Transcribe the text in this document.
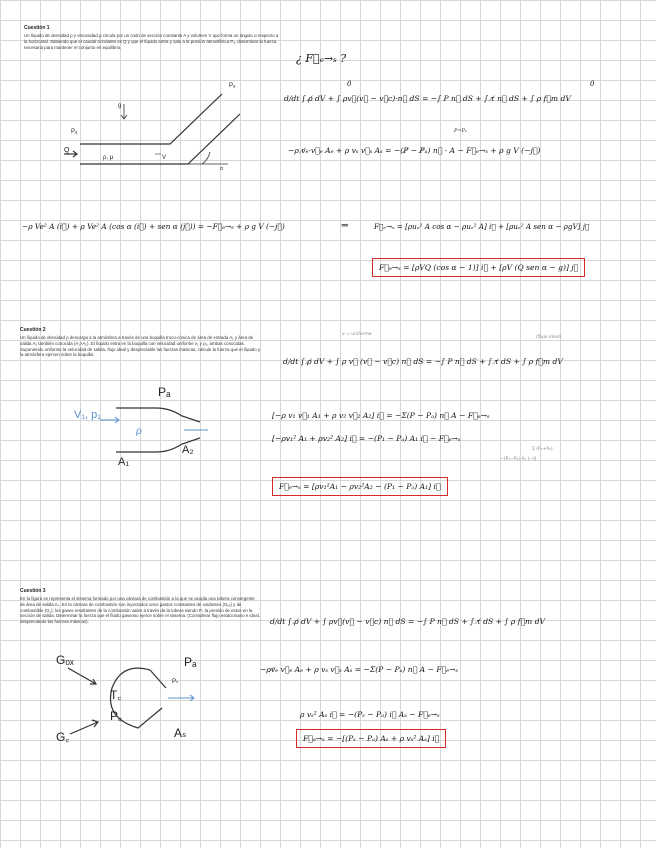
Cuestión 1
Un líquido de densidad ρ y viscosidad μ circula por un codo de sección constante A y volumen V que forma un ángulo α respecto a la horizontal. Sabiendo que el caudal circulante es Q y que el líquido entra y sale a la presión atmosférica Pₐ, determinar la fuerza necesaria para mantener el conjunto en equilibrio.
Pₐ
Pₐ
g
Q
ρ, μ	V
α
¿ F⃗ₑ→ₛ ?
0	0
d/dt ∫ ρ̸ dV + ∫ ρv⃗(v⃗ − v⃗c)·n⃗ dS = −∫ P n⃗ dS + ∫ τ̸ n⃗ dS + ∫ ρ f⃗m dV
P=Pₐ
−ρ v̸ₑ·v⃗ₑ Aₑ + ρ vₛ v⃗ₛ Aₛ = −(P̸ − P̸ₐ) n⃗ · A − F⃗ₑ→ₛ + ρ g V (−j⃗)
−ρ Ve² A (i⃗) + ρ Ve² A (cos α (i⃗) + sen α (j⃗)) = −F⃗ₑ→ₛ + ρ g V (−j⃗)	⇒	F⃗ₑ→ₛ = [ρuₑ² A cos α − ρuₑ² A] i⃗ + [ρuₑ² A sen α − ρgV] j⃗
F⃗ₑ→ₛ = [ρVQ (cos α − 1)] i⃗ + [ρV (Q sen α − g)] j⃗
Cuestión 2
Un líquido de densidad ρ descarga a la atmósfera a través de una boquilla troco-cónica de área de entrada A₁ y área de salida A₂ también conocida (A₁>A₂). El líquido entra en la boquilla con velocidad uniforme v₁ y p₁, ambas conocidas. Suponiendo uniforme la velocidad de salida, flujo ideal y despreciable las fuerzas másicas, calcule la fuerza que el líquido y la atmósfera ejercen sobre la boquilla.
V₁, p₁
Pₐ
ρ
A₁
A₂
v = uniforme
(flujo ideal)
d/dt ∫ ρ̸ dV + ∫ ρ v⃗ (v⃗ − v⃗c) n⃗ dS = −∫ P n⃗ dS + ∫ τ̸ dS + ∫ ρ f⃗m dV
[−ρ v₁ v⃗₁ A₁ + ρ v₂ v⃗₂ A₂] i⃗ = −Σ(P − Pₐ) n⃗ A − F⃗ₑ→ₛ
[−ρv₁² A₁ + ρv₂² A₂] i⃗ = −(P₁ − Pₐ) A₁ i⃗ − F⃗ₑ→ₛ
Σ (P₁+P₂)
−(P₁−Pₐ) A₁ (−i⃗)
F⃗ₑ→ₛ = [ρv₁²A₁ − ρv₂²A₂ − (P₁ − Pₐ) A₁] i⃗
Cuestión 3
En la figura se representa el sistema formado por una cámara de combustión a la que se acopla una tobera convergente de área de salida Aₛ. En la cámara de combustión son inyectados unos gastos constantes de oxidantes (Gₒₓ) y de combustible (G꜀); los gases resultantes de la combustión salen a través de la tobera siendo Pₛ la presión de estos en la sección de salida. Determinar la fuerza que el fluido gaseoso ejerce sobre el sistema. (Considerar flujo estacionario e ideal, despreciando las fuerzas másicas).
Gₒₓ	Pₐ
T꜀
Pₛ
P꜀
G꜀	Aₛ
d/dt ∫ ρ̸ dV + ∫ ρv⃗(v⃗ − v⃗c) n⃗ dS = −∫ P n⃗ dS + ∫ τ̸ dS + ∫ ρ f⃗m dV
−ρv̸ₑ v⃗ₑ Aₑ + ρ vₛ v⃗ₛ Aₛ = −Σ(P − Pₐ) n⃗ A − F⃗ₑ→ₛ
ρ vₛ² Aₛ i⃗ = −(Pₛ − Pₐ) i⃗ Aₛ − F⃗ₑ→ₛ
F⃗ₑ→ₛ = −[(Pₛ − Pₐ) Aₛ + ρ vₛ² Aₛ] i⃗
